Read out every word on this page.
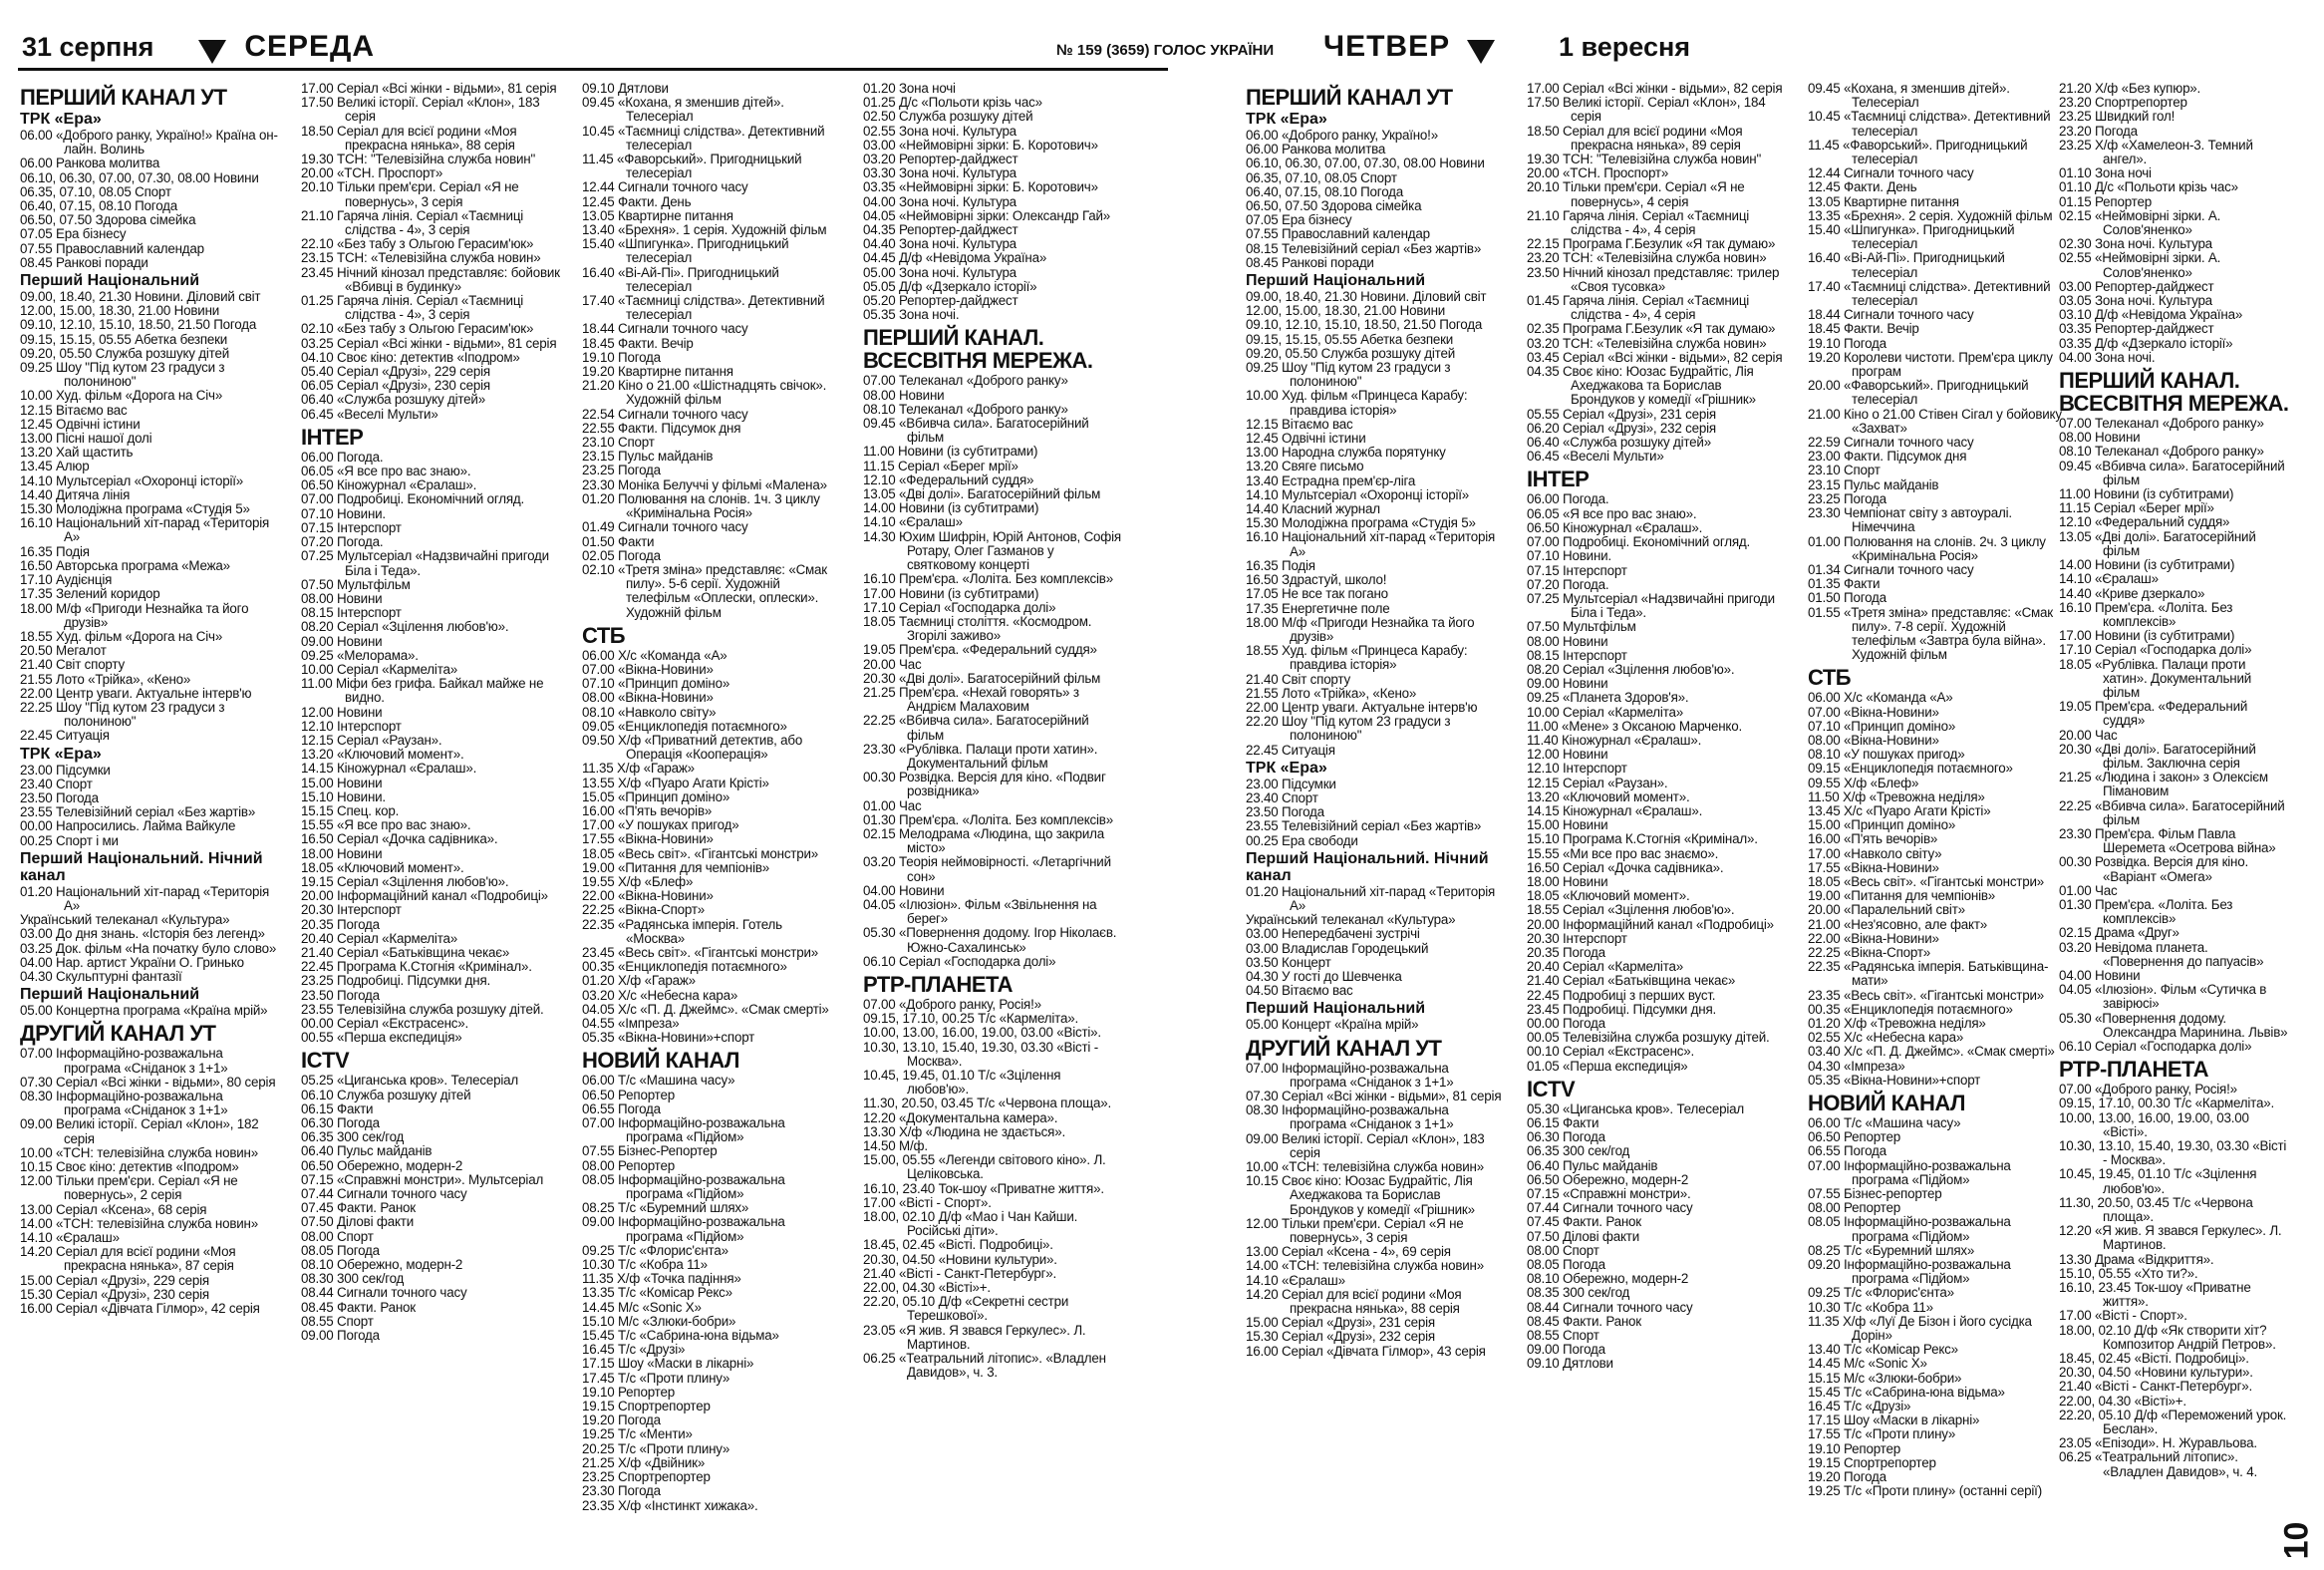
31 серпня	СЕРЕДА	№ 159 (3659) ГОЛОС УКРАЇНИ ЧЕТВЕР	1 вересня
ПЕРШИЙ КАНАЛ УТ
ТРК «Ера»
06.00 «Доброго ранку, Україно!» Країна он-лайн. Волинь
06.00 Ранкова молитва
06.10, 06.30, 07.00, 07.30, 08.00 Новини
06.35, 07.10, 08.05 Спорт
06.40, 07.15, 08.10 Погода
06.50, 07.50 Здорова сімейка
07.05 Ера бізнесу
07.55 Православний календар
08.45 Ранкові поради
Перший Національний
09.00, 18.40, 21.30 Новини. Діловий світ
12.00, 15.00, 18.30, 21.00 Новини
09.10, 12.10, 15.10, 18.50, 21.50 Погода
09.15, 15.15, 05.55 Абетка безпеки
09.20, 05.50 Служба розшуку дітей
09.25 Шоу "Під кутом 23 градуси з полониною"
10.00 Худ. фільм «Дорога на Січ»
12.15 Вітаємо вас
12.45 Одвічні істини
13.00 Пісні нашої долі
13.20 Хай щастить
13.45 Алюр
14.10 Мультсеріал «Охоронці історії»
14.40 Дитяча лінія
15.30 Молодіжна програма «Студія 5»
16.10 Національний хіт-парад «Територія А»
16.35 Подія
16.50 Авторська програма «Межа»
17.10 Аудієнція
17.35 Зелений коридор
18.00 М/ф «Пригоди Незнайка та його друзів»
18.55 Худ. фільм «Дорога на Січ»
20.50 Мегалот
21.40 Світ спорту
21.55 Лото «Трійка», «Кено»
22.00 Центр уваги. Актуальне інтерв'ю
22.25 Шоу "Під кутом 23 градуси з полониною"
22.45 Ситуація
ТРК «Ера»
23.00 Підсумки
23.40 Спорт
23.50 Погода
23.55 Телевізійний серіал «Без жартів»
00.00 Напросились. Лайма Вайкуле
00.25 Спорт і ми
Перший Національний. Нічний канал
01.20 Національний хіт-парад «Територія А»
Український телеканал «Культура»
03.00 До дня знань. «Історія без легенд»
03.25 Док. фільм «На початку було слово»
04.00 Нар. артист України О. Гринько
04.30 Скульптурні фантазії
Перший Національний
05.00 Концертна програма «Країна мрій»
ДРУГИЙ КАНАЛ УТ
07.00 Інформаційно-розважальна програма «Сніданок з 1+1»
07.30 Серіал «Всі жінки - відьми», 80 серія
08.30 Інформаційно-розважальна програма «Сніданок з 1+1»
09.00 Великі історії. Серіал «Клон», 182 серія
10.00 «ТСН: телевізійна служба новин»
10.15 Своє кіно: детектив «Іподром»
12.00 Тільки прем'єри. Серіал «Я не повернусь», 2 серія
13.00 Серіал «Ксена», 68 серія
14.00 «ТСН: телевізійна служба новин»
14.10 «Єралаш»
14.20 Серіал для всієї родини «Моя прекрасна нянька», 87 серія
15.00 Серіал «Друзі», 229 серія
15.30 Серіал «Друзі», 230 серія
16.00 Серіал «Дівчата Гілмор», 42 серія
17.00 Серіал «Всі жінки - відьми», 81 серія
17.50 Великі історії. Серіал «Клон», 183 серія
18.50 Серіал для всієї родини «Моя прекрасна нянька», 88 серія
19.30 ТСН: "Телевізійна служба новин"
20.00 «ТСН. Проспорт»
20.10 Тільки прем'єри. Серіал «Я не повернусь», 3 серія
21.10 Гаряча лінія. Серіал «Таємниці слідства - 4», 3 серія
22.10 «Без табу з Ольгою Герасим'юк»
23.15 ТСН: «Телевізійна служба новин»
23.45 Нічний кінозал представляє: бойовик «Вбивці в будинку»
01.25 Гаряча лінія. Серіал «Таємниці слідства - 4», 3 серія
02.10 «Без табу з Ольгою Герасим'юк»
03.25 Серіал «Всі жінки - відьми», 81 серія
04.10 Своє кіно: детектив «Іподром»
05.40 Серіал «Друзі», 229 серія
06.05 Серіал «Друзі», 230 серія
06.40 «Служба розшуку дітей»
06.45 «Веселі Мульти»
ІНТЕР
06.00 Погода.
06.05 «Я все про вас знаю».
06.50 Кіножурнал «Єралаш».
07.00 Подробиці. Економічний огляд.
07.10 Новини.
07.15 Інтерспорт
07.20 Погода.
07.25 Мультсеріал «Надзвичайні пригоди Біла і Теда».
07.50 Мультфільм
08.00 Новини
08.15 Інтерспорт
08.20 Серіал «Зцілення любов'ю».
09.00 Новини
09.25 «Мелорама».
10.00 Серіал «Кармеліта»
11.00 Міфи без грифа. Байкал майже не видно.
12.00 Новини
12.10 Інтерспорт
12.15 Серіал «Раузан».
13.20 «Ключовий момент».
14.15 Кіножурнал «Єралаш».
15.00 Новини
15.10 Новини.
15.15 Спец. кор.
15.55 «Я все про вас знаю».
16.50 Серіал «Дочка садівника».
18.00 Новини
18.05 «Ключовий момент».
19.15 Серіал «Зцілення любов'ю».
20.00 Інформаційний канал «Подробиці»
20.30 Інтерспорт
20.35 Погода
20.40 Серіал «Кармеліта»
21.40 Серіал «Батьківщина чекає»
22.45 Програма К.Стогнія «Кримінал».
23.25 Подробиці. Підсумки дня.
23.50 Погода
23.55 Телевізійна служба розшуку дітей.
00.00 Серіал «Екстрасенс».
00.55 «Перша експедиція»
ICTV
05.25 «Циганська кров». Телесеріал
06.10 Служба розшуку дітей
06.15 Факти
06.30 Погода
06.35 300 сек/год
06.40 Пульс майданів
06.50 Обережно, модерн-2
07.15 «Справжні монстри». Мультсеріал
07.44 Сигнали точного часу
07.45 Факти. Ранок
07.50 Ділові факти
08.00 Спорт
08.05 Погода
08.10 Обережно, модерн-2
08.30 300 сек/год
08.44 Сигнали точного часу
08.45 Факти. Ранок
08.55 Спорт
09.00 Погода
09.10 Дятлови
09.45 «Кохана, я зменшив дітей». Телесеріал
10.45 «Таємниці слідства». Детективний телесеріал
11.45 «Фаворський». Пригодницький телесеріал
12.44 Сигнали точного часу
12.45 Факти. День
13.05 Квартирне питання
13.40 «Брехня». 1 серія. Художній фільм
15.40 «Шпигунка». Пригодницький телесеріал
16.40 «Ві-Ай-Пі». Пригодницький телесеріал
17.40 «Таємниці слідства». Детективний телесеріал
18.44 Сигнали точного часу
18.45 Факти. Вечір
19.10 Погода
19.20 Квартирне питання
21.20 Кіно о 21.00 «Шістнадцять свічок». Художній фільм
22.54 Сигнали точного часу
22.55 Факти. Підсумок дня
23.10 Спорт
23.15 Пульс майданів
23.25 Погода
23.30 Моніка Белуччі у фільмі «Малена»
01.20 Полювання на слонів. 1ч. 3 циклу «Кримінальна Росія»
01.49 Сигнали точного часу
01.50 Факти
02.05 Погода
02.10 «Третя зміна» представляє: «Смак пилу». 5-6 серії. Художній телефільм «Оплески, оплески». Художній фільм
СТБ
06.00 Х/с «Команда «А»
07.00 «Вікна-Новини»
07.10 «Принцип доміно»
08.00 «Вікна-Новини»
08.10 «Навколо світу»
09.05 «Енциклопедія потаємного»
09.50 Х/ф «Приватний детектив, або Операція «Кооперація»
11.35 Х/ф «Гараж»
13.55 Х/ф «Пуаро Агати Крісті»
15.05 «Принцип доміно»
16.00 «П'ять вечорів»
17.00 «У пошуках пригод»
17.55 «Вікна-Новини»
18.05 «Весь світ». «Гігантські монстри»
19.00 «Питання для чемпіонів»
19.55 Х/ф «Блеф»
22.00 «Вікна-Новини»
22.25 «Вікна-Спорт»
22.35 «Радянська імперія. Готель «Москва»
23.45 «Весь світ». «Гігантські монстри»
00.35 «Енциклопедія потаємного»
01.20 Х/ф «Гараж»
03.20 Х/с «Небесна кара»
04.05 Х/с «П. Д. Джеймс». «Смак смерті»
04.55 «Імпреза»
05.35 «Вікна-Новини»+спорт
НОВИЙ КАНАЛ
06.00 Т/с «Машина часу»
06.50 Репортер
06.55 Погода
07.00 Інформаційно-розважальна програма «Підйом»
07.55 Бізнес-Репортер
08.00 Репортер
08.05 Інформаційно-розважальна програма «Підйом»
08.25 Т/с «Буремний шлях»
09.00 Інформаційно-розважальна програма «Підйом»
09.25 Т/с «Флорис'єнта»
10.30 Т/с «Кобра 11»
11.35 Х/ф «Точка падіння»
13.35 Т/с «Комісар Рекс»
14.45 М/с «Sonic X»
15.10 М/с «Злюки-бобри»
15.45 Т/с «Сабрина-юна відьма»
16.45 Т/с «Друзі»
17.15 Шоу «Маски в лікарні»
17.45 Т/с «Проти плину»
19.10 Репортер
19.15 Спортрепортер
19.20 Погода
19.25 Т/с «Менти»
20.25 Т/с «Проти плину»
21.25 Х/ф «Двійник»
23.25 Спортрепортер
23.30 Погода
23.35 Х/ф «Інстинкт хижака».
01.20 Зона ночі
01.25 Д/с «Польоти крізь час»
02.50 Служба розшуку дітей
02.55 Зона ночі. Культура
03.00 «Неймовірні зірки: Б. Коротович»
03.20 Репортер-дайджест
03.30 Зона ночі. Культура
03.35 «Неймовірні зірки: Б. Коротович»
04.00 Зона ночі. Культура
04.05 «Неймовірні зірки: Олександр Гай»
04.35 Репортер-дайджест
04.40 Зона ночі. Культура
04.45 Д/ф «Невідома Україна»
05.00 Зона ночі. Культура
05.05 Д/ф «Дзеркало історії»
05.20 Репортер-дайджест
05.35 Зона ночі.
ПЕРШИЙ КАНАЛ. ВСЕСВІТНЯ МЕРЕЖА.
07.00 Телеканал «Доброго ранку»
08.00 Новини
08.10 Телеканал «Доброго ранку»
09.45 «Вбивча сила». Багатосерійний фільм
11.00 Новини (із субтитрами)
11.15 Серіал «Берег мрії»
12.10 «Федеральний суддя»
13.05 «Дві долі». Багатосерійний фільм
14.00 Новини (із субтитрами)
14.10 «Єралаш»
14.30 Юхим Шифрін, Юрій Антонов, Софія Ротару, Олег Газманов у святковому концерті
16.10 Прем'єра. «Лоліта. Без комплексів»
17.00 Новини (із субтитрами)
17.10 Серіал «Господарка долі»
18.05 Таємниці століття. «Космодром. Згорілі заживо»
19.05 Прем'єра. «Федеральний суддя»
20.00 Час
20.30 «Дві долі». Багатосерійний фільм
21.25 Прем'єра. «Нехай говорять» з Андрієм Малаховим
22.25 «Вбивча сила». Багатосерійний фільм
23.30 «Рублівка. Палаци проти хатин». Документальний фільм
00.30 Розвідка. Версія для кіно. «Подвиг розвідника»
01.00 Час
01.30 Прем'єра. «Лоліта. Без комплексів»
02.15 Мелодрама «Людина, що закрила місто»
03.20 Теорія неймовірності. «Летаргічний сон»
04.00 Новини
04.05 «Ілюзіон». Фільм «Звільнення на берег»
05.30 «Повернення додому. Ігор Ніколаєв. Южно-Сахалинськ»
06.10 Серіал «Господарка долі»
РТР-ПЛАНЕТА
07.00 «Доброго ранку, Росія!»
09.15, 17.10, 00.25 Т/с «Кармеліта».
10.00, 13.00, 16.00, 19.00, 03.00 «Вісті».
10.30, 13.10, 15.40, 19.30, 03.30 «Вісті - Москва».
10.45, 19.45, 01.10 Т/с «Зцілення любов'ю».
11.30, 20.50, 03.45 Т/с «Червона площа».
12.20 «Документальна камера».
13.30 Х/ф «Людина не здається».
14.50 М/ф.
15.00, 05.55 «Легенди світового кіно». Л. Целіковська.
16.10, 23.40 Ток-шоу «Приватне життя».
17.00 «Вісті - Спорт».
18.00, 02.10 Д/ф «Мао і Чан Кайши. Російські діти».
18.45, 02.45 «Вісті. Подробиці».
20.30, 04.50 «Новини культури».
21.40 «Вісті - Санкт-Петербург».
22.00, 04.30 «Вісті»+.
22.20, 05.10 Д/ф «Секретні сестри Терешкової».
23.05 «Я жив. Я звався Геркулес». Л. Мартинов.
06.25 «Театральний літопис». «Владлен Давидов», ч. 3.
ПЕРШИЙ КАНАЛ УТ
ТРК «Ера»
06.00 «Доброго ранку, Україно!»
06.00 Ранкова молитва
06.10, 06.30, 07.00, 07.30, 08.00 Новини
06.35, 07.10, 08.05 Спорт
06.40, 07.15, 08.10 Погода
06.50, 07.50 Здорова сімейка
07.05 Ера бізнесу
07.55 Православний календар
08.15 Телевізійний серіал «Без жартів»
08.45 Ранкові поради
Перший Національний
09.00, 18.40, 21.30 Новини. Діловий світ
12.00, 15.00, 18.30, 21.00 Новини
09.10, 12.10, 15.10, 18.50, 21.50 Погода
09.15, 15.15, 05.55 Абетка безпеки
09.20, 05.50 Служба розшуку дітей
09.25 Шоу "Під кутом 23 градуси з полониною"
10.00 Худ. фільм «Принцеса Карабу: правдива історія»
12.15 Вітаємо вас
12.45 Одвічні істини
13.00 Народна служба порятунку
13.20 Свяге письмо
13.40 Естрадна прем'єр-ліга
14.10 Мультсеріал «Охоронці історії»
14.40 Класний журнал
15.30 Молодіжна програма «Студія 5»
16.10 Національний хіт-парад «Територія А»
16.35 Подія
16.50 Здрастуй, школо!
17.05 Не все так погано
17.35 Енергетичне поле
18.00 М/ф «Пригоди Незнайка та його друзів»
18.55 Худ. фільм «Принцеса Карабу: правдива історія»
21.40 Світ спорту
21.55 Лото «Трійка», «Кено»
22.00 Центр уваги. Актуальне інтерв'ю
22.20 Шоу "Під кутом 23 градуси з полониною"
22.45 Ситуація
ТРК «Ера»
23.00 Підсумки
23.40 Спорт
23.50 Погода
23.55 Телевізійний серіал «Без жартів»
00.25 Ера свободи
Перший Національний. Нічний канал
01.20 Національний хіт-парад «Територія А»
Український телеканал «Культура»
03.00 Непередбачені зустрічі
03.00 Владислав Городецький
03.50 Концерт
04.30 У гості до Шевченка
04.50 Вітаємо вас
Перший Національний
05.00 Концерт «Країна мрій»
ДРУГИЙ КАНАЛ УТ
07.00 Інформаційно-розважальна програма «Сніданок з 1+1»
07.30 Серіал «Всі жінки - відьми», 81 серія
08.30 Інформаційно-розважальна програма «Сніданок з 1+1»
09.00 Великі історії. Серіал «Клон», 183 серія
10.00 «ТСН: телевізійна служба новин»
10.15 Своє кіно: Юозас Будрайтіс, Лія Ахеджакова та Борислав Брондуков у комедії «Грішник»
12.00 Тільки прем'єри. Серіал «Я не повернусь», 3 серія
13.00 Серіал «Ксена - 4», 69 серія
14.00 «ТСН: телевізійна служба новин»
14.10 «Єралаш»
14.20 Серіал для всієї родини «Моя прекрасна нянька», 88 серія
15.00 Серіал «Друзі», 231 серія
15.30 Серіал «Друзі», 232 серія
16.00 Серіал «Дівчата Гілмор», 43 серія
17.00 Серіал «Всі жінки - відьми», 82 серія
17.50 Великі історії. Серіал «Клон», 184 серія
18.50 Серіал для всієї родини «Моя прекрасна нянька», 89 серія
19.30 ТСН: "Телевізійна служба новин"
20.00 «ТСН. Проспорт»
20.10 Тільки прем'єри. Серіал «Я не повернусь», 4 серія
21.10 Гаряча лінія. Серіал «Таємниці слідства - 4», 4 серія
22.15 Програма Г.Безулик «Я так думаю»
23.20 ТСН: «Телевізійна служба новин»
23.50 Нічний кінозал представляє: трилер «Своя тусовка»
01.45 Гаряча лінія. Серіал «Таємниці слідства - 4», 4 серія
02.35 Програма Г.Безулик «Я так думаю»
03.20 ТСН: «Телевізійна служба новин»
03.45 Серіал «Всі жінки - відьми», 82 серія
04.35 Своє кіно: Юозас Будрайтіс, Лія Ахеджакова та Борислав Брондуков у комедії «Грішник»
05.55 Серіал «Друзі», 231 серія
06.20 Серіал «Друзі», 232 серія
06.40 «Служба розшуку дітей»
06.45 «Веселі Мульти»
ІНТЕР
06.00 Погода.
06.05 «Я все про вас знаю».
06.50 Кіножурнал «Єралаш».
07.00 Подробиці. Економічний огляд.
07.10 Новини.
07.15 Інтерспорт
07.20 Погода.
07.25 Мультсеріал «Надзвичайні пригоди Біла і Теда».
07.50 Мультфільм
08.00 Новини
08.15 Інтерспорт
08.20 Серіал «Зцілення любов'ю».
09.00 Новини
09.25 «Планета Здоров'я».
10.00 Серіал «Кармеліта»
11.00 «Мене» з Оксаною Марченко.
11.40 Кіножурнал «Єралаш».
12.00 Новини
12.10 Інтерспорт
12.15 Серіал «Раузан».
13.20 «Ключовий момент».
14.15 Кіножурнал «Єралаш».
15.00 Новини
15.10 Програма К.Стогнія «Кримінал».
15.55 «Ми все про вас знаємо».
16.50 Серіал «Дочка садівника».
18.00 Новини
18.05 «Ключовий момент».
18.55 Серіал «Зцілення любов'ю».
20.00 Інформаційний канал «Подробиці»
20.30 Інтерспорт
20.35 Погода
20.40 Серіал «Кармеліта»
21.40 Серіал «Батьківщина чекає»
22.45 Подробиці з перших вуст.
23.45 Подробиці. Підсумки дня.
00.00 Погода
00.05 Телевізійна служба розшуку дітей.
00.10 Серіал «Екстрасенс».
01.05 «Перша експедиція»
ICTV
05.30 «Циганська кров». Телесеріал
06.15 Факти
06.30 Погода
06.35 300 сек/год
06.40 Пульс майданів
06.50 Обережно, модерн-2
07.15 «Справжні монстри».
07.44 Сигнали точного часу
07.45 Факти. Ранок
07.50 Ділові факти
08.00 Спорт
08.05 Погода
08.10 Обережно, модерн-2
08.35 300 сек/год
08.44 Сигнали точного часу
08.45 Факти. Ранок
08.55 Спорт
09.00 Погода
09.10 Дятлови
09.45 «Кохана, я зменшив дітей». Телесеріал
10.45 «Таємниці слідства». Детективний телесеріал
11.45 «Фаворський». Пригодницький телесеріал
12.44 Сигнали точного часу
12.45 Факти. День
13.05 Квартирне питання
13.35 «Брехня». 2 серія. Художній фільм
15.40 «Шпигунка». Пригодницький телесеріал
16.40 «Ві-Ай-Пі». Пригодницький телесеріал
17.40 «Таємниці слідства». Детективний телесеріал
18.44 Сигнали точного часу
18.45 Факти. Вечір
19.10 Погода
19.20 Королеви чистоти. Прем'єра циклу програм
20.00 «Фаворський». Пригодницький телесеріал
21.00 Кіно о 21.00 Стівен Сігал у бойовику «Захват»
22.59 Сигнали точного часу
23.00 Факти. Підсумок дня
23.10 Спорт
23.15 Пульс майданів
23.25 Погода
23.30 Чемпіонат світу з автоуралі. Німеччина
01.00 Полювання на слонів. 2ч. 3 циклу «Кримінальна Росія»
01.34 Сигнали точного часу
01.35 Факти
01.50 Погода
01.55 «Третя зміна» представляє: «Смак пилу». 7-8 серії. Художній телефільм «Завтра була війна». Художній фільм
СТБ
06.00 Х/с «Команда «А»
07.00 «Вікна-Новини»
07.10 «Принцип доміно»
08.00 «Вікна-Новини»
08.10 «У пошуках пригод»
09.15 «Енциклопедія потаємного»
09.55 Х/ф «Блеф»
11.50 Х/ф «Тревожна неділя»
13.45 Х/с «Пуаро Агати Крісті»
15.00 «Принцип доміно»
16.00 «П'ять вечорів»
17.00 «Навколо світу»
17.55 «Вікна-Новини»
18.05 «Весь світ». «Гігантські монстри»
19.00 «Питання для чемпіонів»
20.00 «Паралельний світ»
21.00 «Нез'ясовно, але факт»
22.00 «Вікна-Новини»
22.25 «Вікна-Спорт»
22.35 «Радянська імперія. Батьківщина-мати»
23.35 «Весь світ». «Гігантські монстри»
00.35 «Енциклопедія потаємного»
01.20 Х/ф «Тревожна неділя»
02.55 Х/с «Небесна кара»
03.40 Х/с «П. Д. Джеймс». «Смак смерті»
04.30 «Імпреза»
05.35 «Вікна-Новини»+спорт
НОВИЙ КАНАЛ
06.00 Т/с «Машина часу»
06.50 Репортер
06.55 Погода
07.00 Інформаційно-розважальна програма «Підйом»
07.55 Бізнес-репортер
08.00 Репортер
08.05 Інформаційно-розважальна програма «Підйом»
08.25 Т/с «Буремний шлях»
09.20 Інформаційно-розважальна програма «Підйом»
09.25 Т/с «Флорис'єнта»
10.30 Т/с «Кобра 11»
11.35 Х/ф «Луї Де Бізон і його сусідка Дорін»
13.40 Т/с «Комісар Рекс»
14.45 М/с «Sonic X»
15.15 М/с «Злюки-бобри»
15.45 Т/с «Сабрина-юна відьма»
16.45 Т/с «Друзі»
17.15 Шоу «Маски в лікарні»
17.55 Т/с «Проти плину»
19.10 Репортер
19.15 Спортрепортер
19.20 Погода
19.25 Т/с «Проти плину» (останні серії)
21.20 Х/ф «Без купюр».
23.20 Спортрепортер
23.25 Швидкий гол!
23.20 Погода
23.25 Х/ф «Хамелеон-3. Темний ангел».
01.10 Зона ночі
01.10 Д/с «Польоти крізь час»
01.15 Репортер
02.15 «Неймовірні зірки. А. Солов'яненко»
02.30 Зона ночі. Культура
02.55 «Неймовірні зірки. А. Солов'яненко»
03.00 Репортер-дайджест
03.05 Зона ночі. Культура
03.10 Д/ф «Невідома Україна»
03.35 Репортер-дайджест
03.35 Д/ф «Дзеркало історії»
04.00 Зона ночі.
ПЕРШИЙ КАНАЛ. ВСЕСВІТНЯ МЕРЕЖА.
07.00 Телеканал «Доброго ранку»
08.00 Новини
08.10 Телеканал «Доброго ранку»
09.45 «Вбивча сила». Багатосерійний фільм
11.00 Новини (із субтитрами)
11.15 Серіал «Берег мрії»
12.10 «Федеральний суддя»
13.05 «Дві долі». Багатосерійний фільм
14.00 Новини (із субтитрами)
14.10 «Єралаш»
14.40 «Криве дзеркало»
16.10 Прем'єра. «Лоліта. Без комплексів»
17.00 Новини (із субтитрами)
17.10 Серіал «Господарка долі»
18.05 «Рублівка. Палаци проти хатин». Документальний фільм
19.05 Прем'єра. «Федеральний суддя»
20.00 Час
20.30 «Дві долі». Багатосерійний фільм. Заключна серія
21.25 «Людина і закон» з Олексієм Пімановим
22.25 «Вбивча сила». Багатосерійний фільм
23.30 Прем'єра. Фільм Павла Шеремета «Осетрова війна»
00.30 Розвідка. Версія для кіно. «Варіант «Омега»
01.00 Час
01.30 Прем'єра. «Лоліта. Без комплексів»
02.15 Драма «Друг»
03.20 Невідома планета. «Повернення до папуасів»
04.00 Новини
04.05 «Ілюзіон». Фільм «Сутичка в завірюсі»
05.30 «Повернення додому. Олександра Маринина. Львів»
06.10 Серіал «Господарка долі»
РТР-ПЛАНЕТА
07.00 «Доброго ранку, Росія!»
09.15, 17.10, 00.30 Т/с «Кармеліта».
10.00, 13.00, 16.00, 19.00, 03.00 «Вісті».
10.30, 13.10, 15.40, 19.30, 03.30 «Вісті - Москва».
10.45, 19.45, 01.10 Т/с «Зцілення любов'ю».
11.30, 20.50, 03.45 Т/с «Червона площа».
12.20 «Я жив. Я звався Геркулес». Л. Мартинов.
13.30 Драма «Відкриття».
15.10, 05.55 «Хто ти?».
16.10, 23.45 Ток-шоу «Приватне життя».
17.00 «Вісті - Спорт».
18.00, 02.10 Д/ф «Як створити хіт? Композитор Андрій Петров».
18.45, 02.45 «Вісті. Подробиці».
20.30, 04.50 «Новини культури».
21.40 «Вісті - Санкт-Петербург».
22.00, 04.30 «Вісті»+.
22.20, 05.10 Д/ф «Переможений урок. Беслан».
23.05 «Епізоди». Н. Журавльова.
06.25 «Театральний літопис». «Владлен Давидов», ч. 4.
10
